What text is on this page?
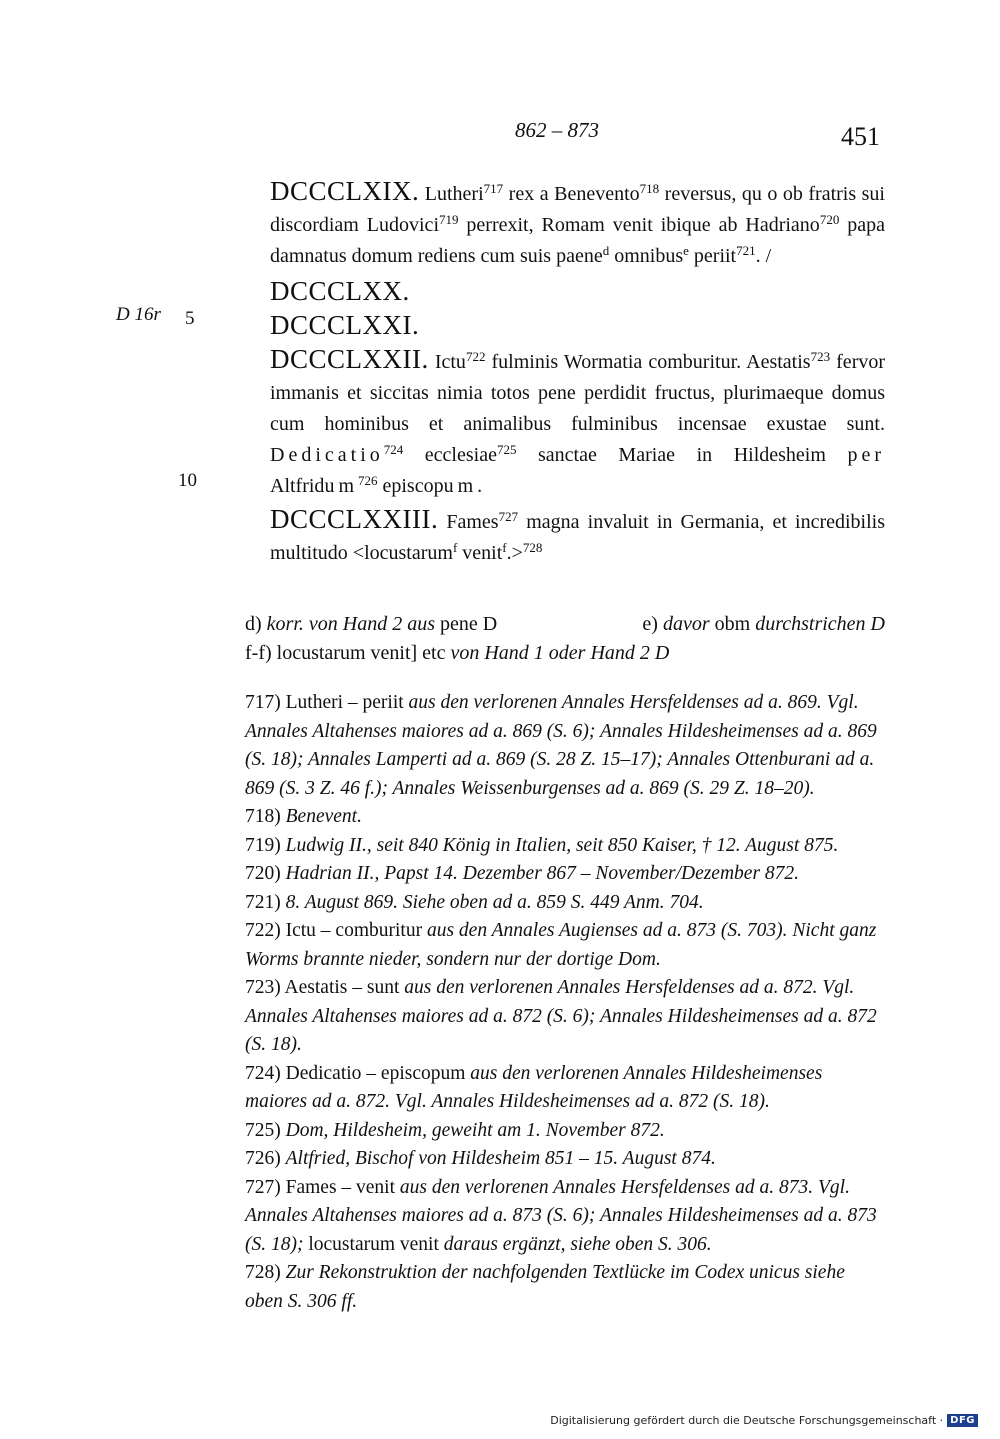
862 – 873	451
D 16r 5
10
DCCCLXIX. Lutheri$^{717}$ rex a Benevento$^{718}$ reversus, qu o ob fratris sui discordiam Ludovici$^{719}$ perrexit, Romam venit ibique ab Hadriano$^{720}$ papa damnatus domum rediens cum suis paene$^d$ omnibus$^e$ periit$^{721}$. /
DCCCLXX.
DCCCLXXI.
DCCCLXXII. Ictu$^{722}$ fulminis Wormatia comburitur. Aestatis$^{723}$ fervor immanis et siccitas nimia totos pene perdidit fructus, plurimaeque domus cum hominibus et animalibus fulminibus incensae exustae sunt. Dedicatio$^{724}$ ecclesiae$^{725}$ sanctae Mariae in Hildesheim per Altfridum$^{726}$ episcopum.
DCCCLXXIII. Fames$^{727}$ magna invaluit in Germania, et incredibilis multitudo <locustarum$^f$ venit$^f$.>$^{728}$
d) korr. von Hand 2 aus pene D	e) davor obm durchstrichen D
f-f) locustarum venit] etc von Hand 1 oder Hand 2 D
717) Lutheri – periit aus den verlorenen Annales Hersfeldenses ad a. 869. Vgl. Annales Altahenses maiores ad a. 869 (S. 6); Annales Hildesheimenses ad a. 869 (S. 18); Annales Lamperti ad a. 869 (S. 28 Z. 15–17); Annales Ottenburani ad a. 869 (S. 3 Z. 46 f.); Annales Weissenburgenses ad a. 869 (S. 29 Z. 18–20).
718) Benevent.
719) Ludwig II., seit 840 König in Italien, seit 850 Kaiser, † 12. August 875.
720) Hadrian II., Papst 14. Dezember 867 – November/Dezember 872.
721) 8. August 869. Siehe oben ad a. 859 S. 449 Anm. 704.
722) Ictu – comburitur aus den Annales Augienses ad a. 873 (S. 703). Nicht ganz Worms brannte nieder, sondern nur der dortige Dom.
723) Aestatis – sunt aus den verlorenen Annales Hersfeldenses ad a. 872. Vgl. Annales Altahenses maiores ad a. 872 (S. 6); Annales Hildesheimenses ad a. 872 (S. 18).
724) Dedicatio – episcopum aus den verlorenen Annales Hildesheimenses maiores ad a. 872. Vgl. Annales Hildesheimenses ad a. 872 (S. 18).
725) Dom, Hildesheim, geweiht am 1. November 872.
726) Altfried, Bischof von Hildesheim 851 – 15. August 874.
727) Fames – venit aus den verlorenen Annales Hersfeldenses ad a. 873. Vgl. Annales Altahenses maiores ad a. 873 (S. 6); Annales Hildesheimenses ad a. 873 (S. 18); locustarum venit daraus ergänzt, siehe oben S. 306.
728) Zur Rekonstruktion der nachfolgenden Textlücke im Codex unicus siehe oben S. 306 ff.
Digitalisierung gefördert durch die Deutsche Forschungsgemeinschaft · DFG
